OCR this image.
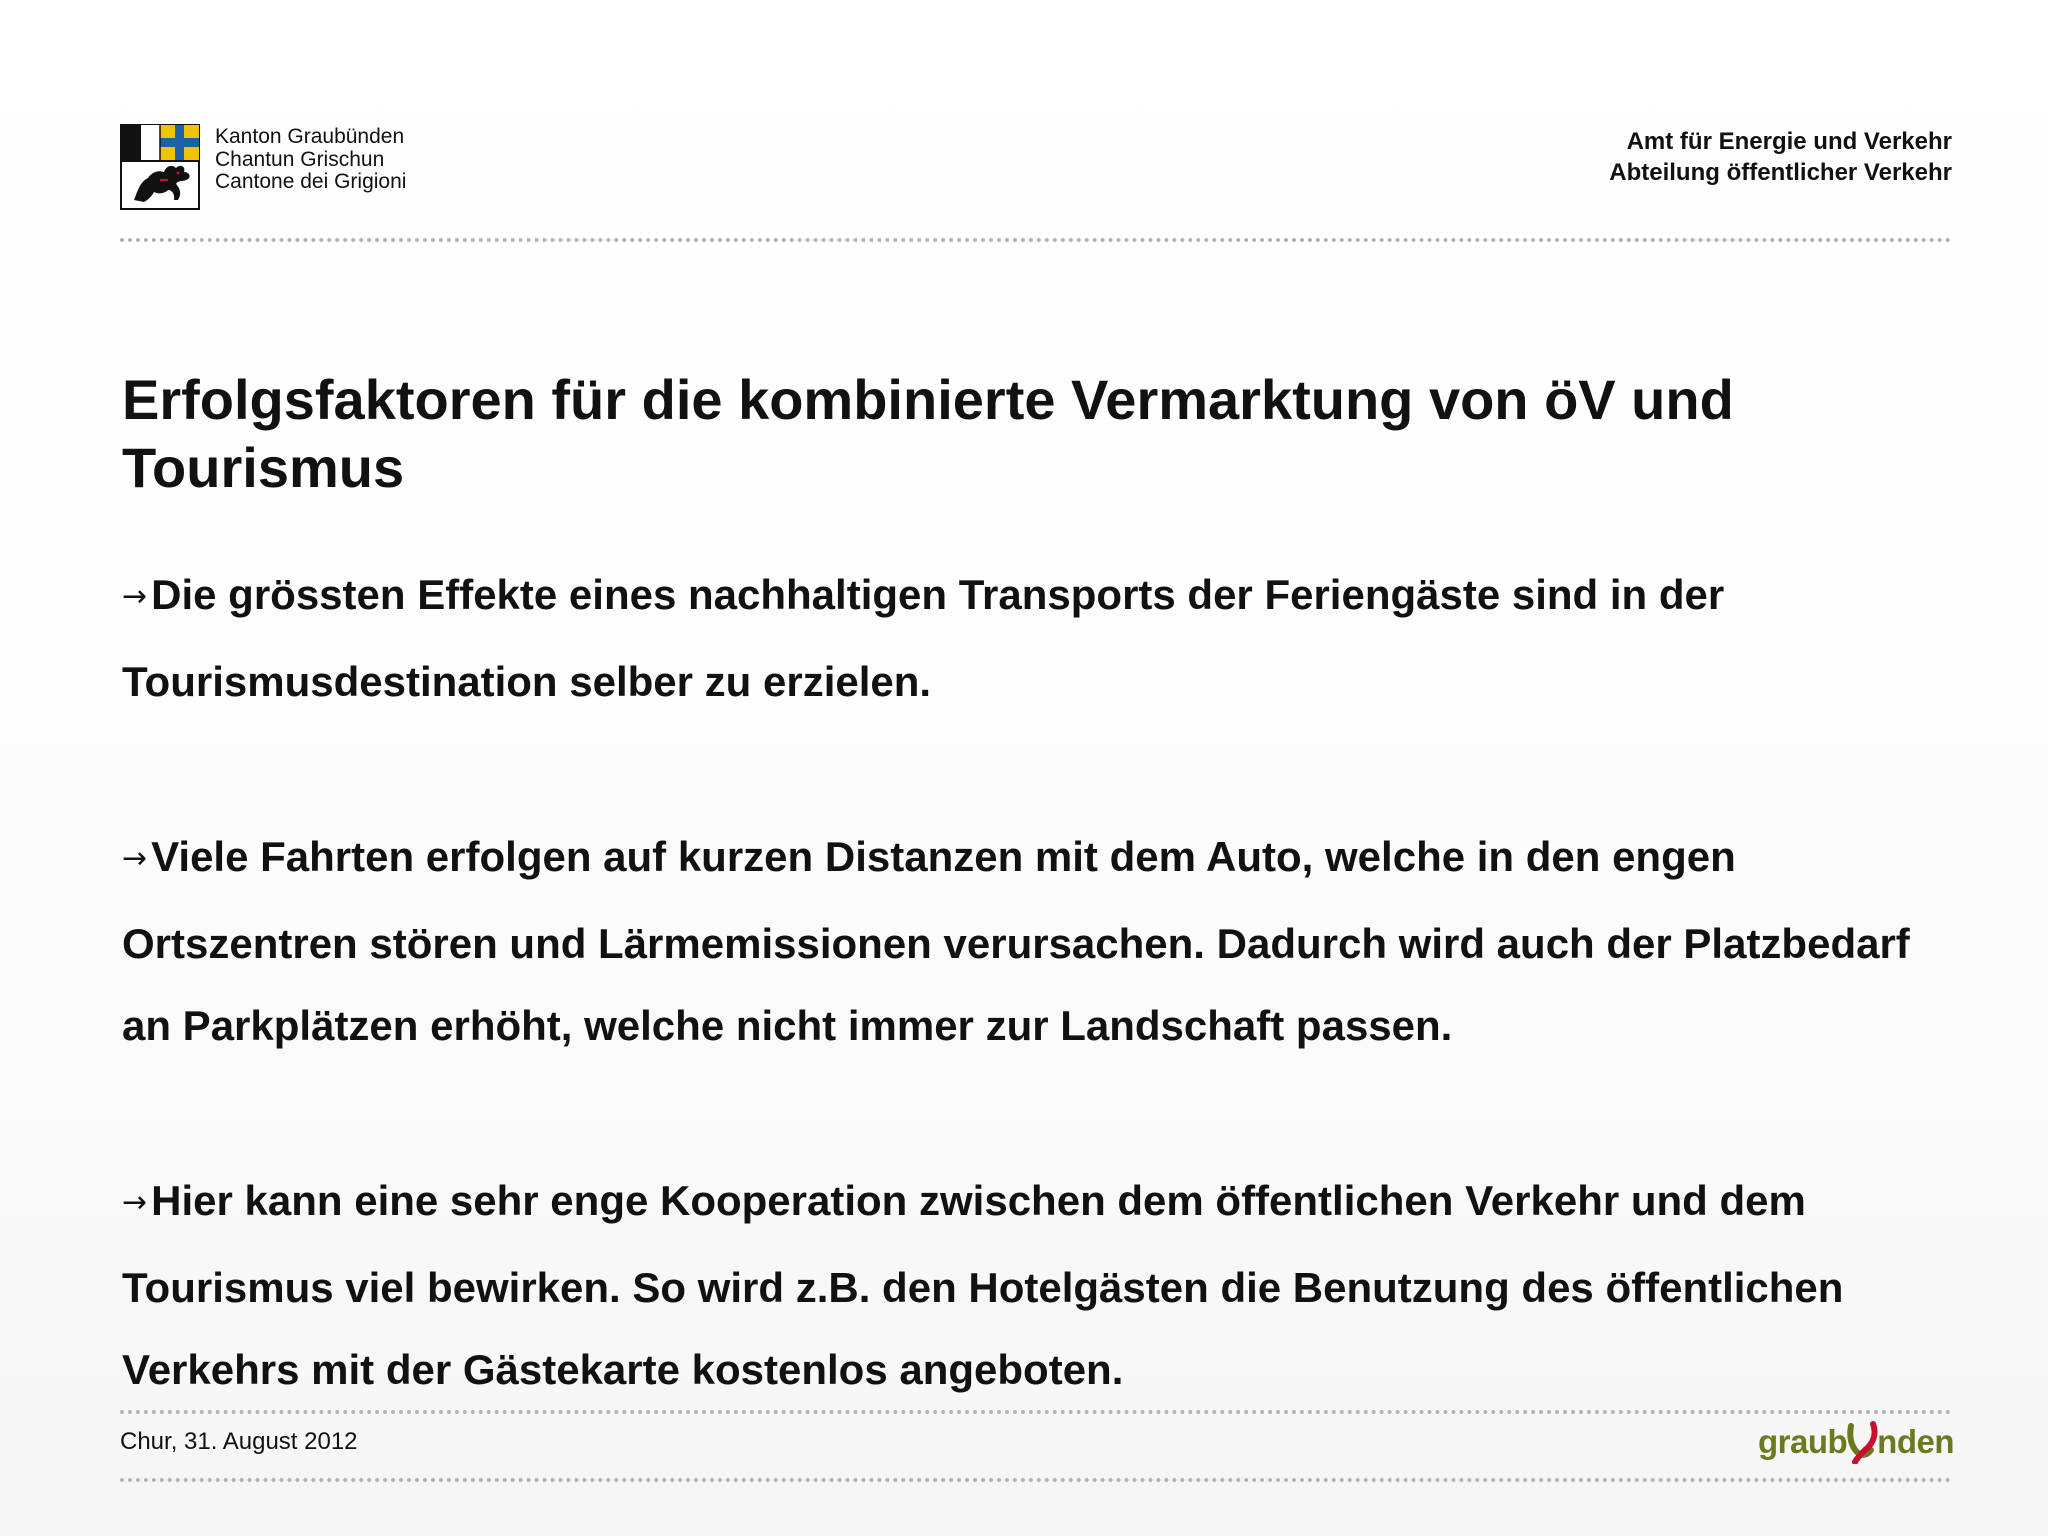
Kanton Graubünden
Chantun Grischun
Cantone dei Grigioni
Amt für Energie und Verkehr
Abteilung öffentlicher Verkehr
Erfolgsfaktoren für die kombinierte Vermarktung von öV und Tourismus

→Die grössten Effekte eines nachhaltigen Transports der Feriengäste sind in der Tourismusdestination selber zu erzielen.

→Viele Fahrten erfolgen auf kurzen Distanzen mit dem Auto, welche in den engen Ortszentren stören und Lärmemissionen verursachen. Dadurch wird auch der Platzbedarf an Parkplätzen erhöht, welche nicht immer zur Landschaft passen.

→Hier kann eine sehr enge Kooperation zwischen dem öffentlichen Verkehr und dem Tourismus viel bewirken. So wird z.B. den Hotelgästen die Benutzung des öffentlichen Verkehrs mit der Gästekarte kostenlos angeboten.

Chur, 31. August 2012	graub nden
